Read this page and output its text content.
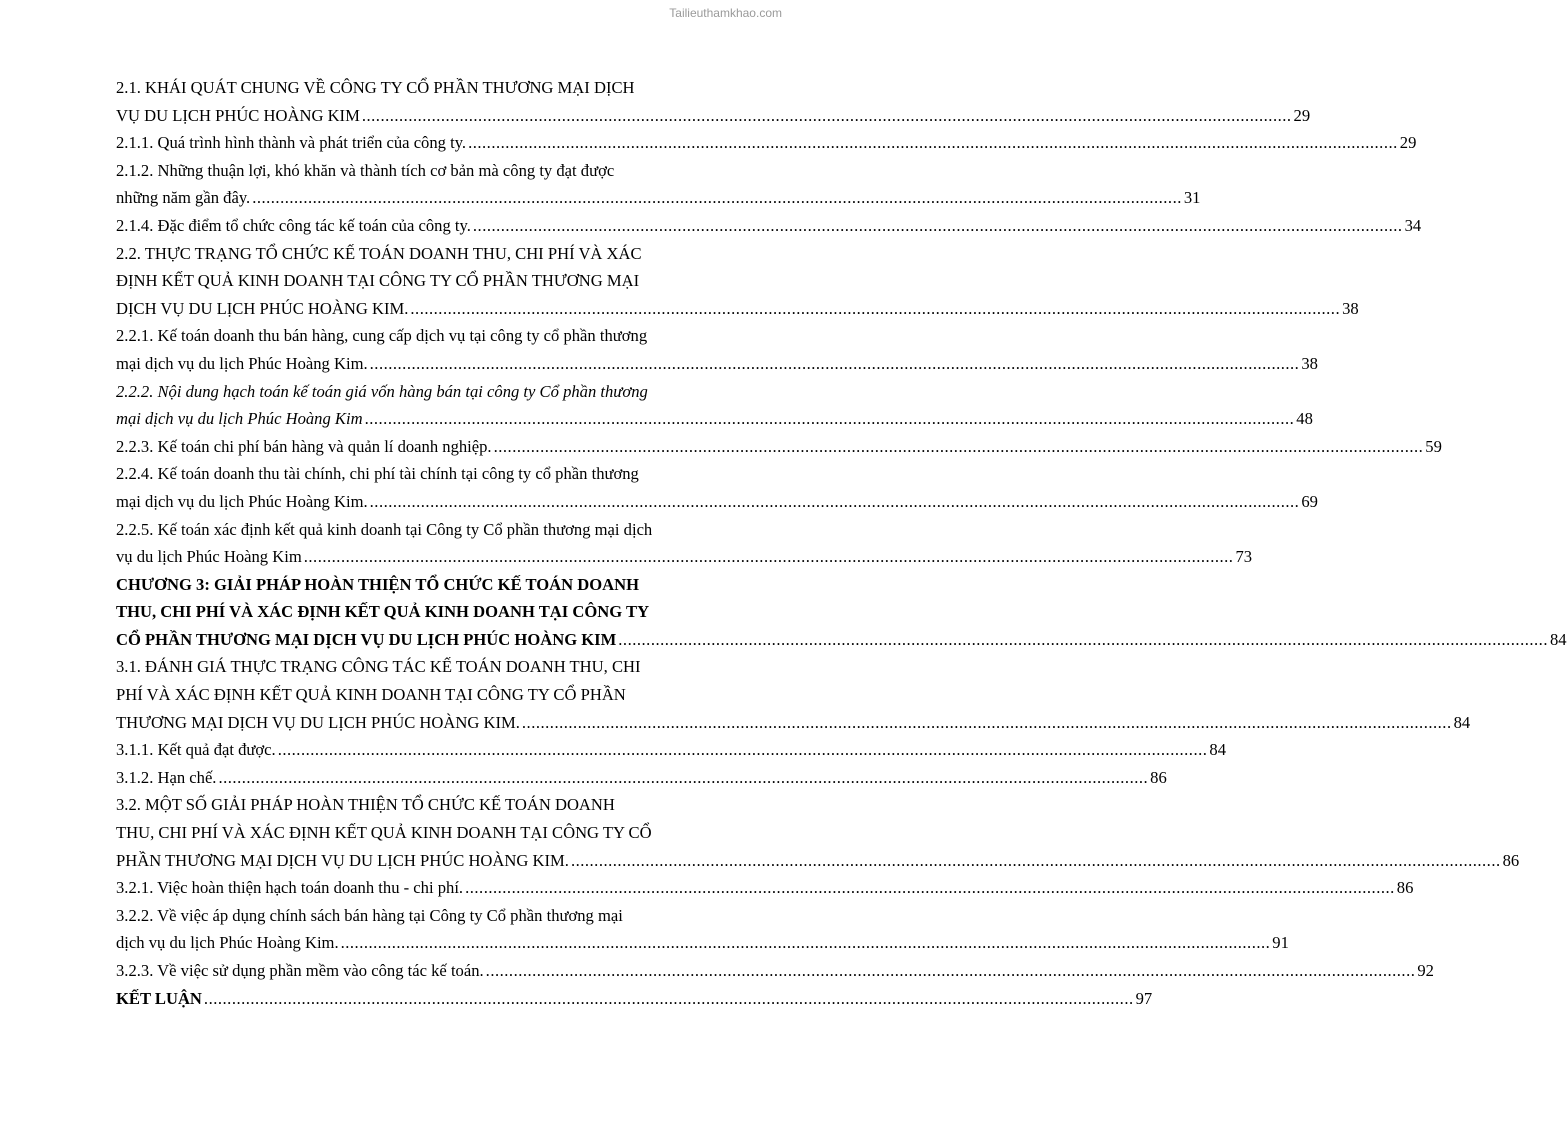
Tailieuthamkhao.com
2.1. KHÁI QUÁT CHUNG VỀ CÔNG TY CỔ PHẦN THƯƠNG MẠI DỊCH
VỤ DU LỊCH PHÚC HOÀNG KIM ........................................................................................................................................................................................................ 29
2.1.1. Quá trình hình thành và phát triển của công ty. ........................................................................................................................................................................................................ 29
2.1.2. Những thuận lợi, khó khăn và thành tích cơ bản mà công ty đạt được
những năm gần đây. ........................................................................................................................................................................................................ 31
2.1.4. Đặc điểm tổ chức công tác kế toán của công ty. ........................................................................................................................................................................................................ 34
2.2. THỰC TRẠNG TỔ CHỨC KẾ TOÁN DOANH THU, CHI PHÍ VÀ XÁC
ĐỊNH KẾT QUẢ KINH DOANH TẠI CÔNG TY CỔ PHẦN THƯƠNG MẠI
DỊCH VỤ DU LỊCH PHÚC HOÀNG KIM. ........................................................................................................................................................................................................ 38
2.2.1. Kế toán doanh thu bán hàng, cung cấp dịch vụ tại công ty cổ phần thương
mại dịch vụ du lịch Phúc Hoàng Kim. ........................................................................................................................................................................................................ 38
2.2.2. Nội dung hạch toán kế toán giá vốn hàng bán tại công ty Cổ phần thương
mại dịch vụ du lịch Phúc Hoàng Kim ........................................................................................................................................................................................................ 48
2.2.3. Kế toán chi phí bán hàng và quản lí doanh nghiệp. ........................................................................................................................................................................................................ 59
2.2.4. Kế toán doanh thu tài chính, chi phí tài chính tại công ty cổ phần thương
mại dịch vụ du lịch Phúc Hoàng Kim. ........................................................................................................................................................................................................ 69
2.2.5. Kế toán xác định kết quả kinh doanh tại Công ty Cổ phần thương mại dịch
vụ du lịch Phúc Hoàng Kim ........................................................................................................................................................................................................ 73
CHƯƠNG 3: GIẢI PHÁP HOÀN THIỆN TỔ CHỨC KẾ TOÁN DOANH
THU, CHI PHÍ VÀ XÁC ĐỊNH KẾT QUẢ KINH DOANH TẠI CÔNG TY
CỔ PHẦN THƯƠNG MẠI DỊCH VỤ DU LỊCH PHÚC HOÀNG KIM ........................................................................................................................................................................................................ 84
3.1. ĐÁNH GIÁ THỰC TRẠNG CÔNG TÁC KẾ TOÁN DOANH THU, CHI
PHÍ VÀ XÁC ĐỊNH KẾT QUẢ KINH DOANH TẠI CÔNG TY CỔ PHẦN
THƯƠNG MẠI DỊCH VỤ DU LỊCH PHÚC HOÀNG KIM. ........................................................................................................................................................................................................ 84
3.1.1. Kết quả đạt được. ........................................................................................................................................................................................................ 84
3.1.2. Hạn chế. ........................................................................................................................................................................................................ 86
3.2. MỘT SỐ GIẢI PHÁP HOÀN THIỆN TỔ CHỨC KẾ TOÁN DOANH
THU, CHI PHÍ VÀ XÁC ĐỊNH KẾT QUẢ KINH DOANH TẠI CÔNG TY CỔ
PHẦN THƯƠNG MẠI DỊCH VỤ DU LỊCH PHÚC HOÀNG KIM. ........................................................................................................................................................................................................ 86
3.2.1. Việc hoàn thiện hạch toán doanh thu - chi phí. ........................................................................................................................................................................................................ 86
3.2.2. Về việc áp dụng chính sách bán hàng tại Công ty Cổ phần thương mại
dịch vụ du lịch Phúc Hoàng Kim. ........................................................................................................................................................................................................ 91
3.2.3. Về việc sử dụng phần mềm vào công tác kế toán. ........................................................................................................................................................................................................ 92
KẾT LUẬN ........................................................................................................................................................................................................ 97
